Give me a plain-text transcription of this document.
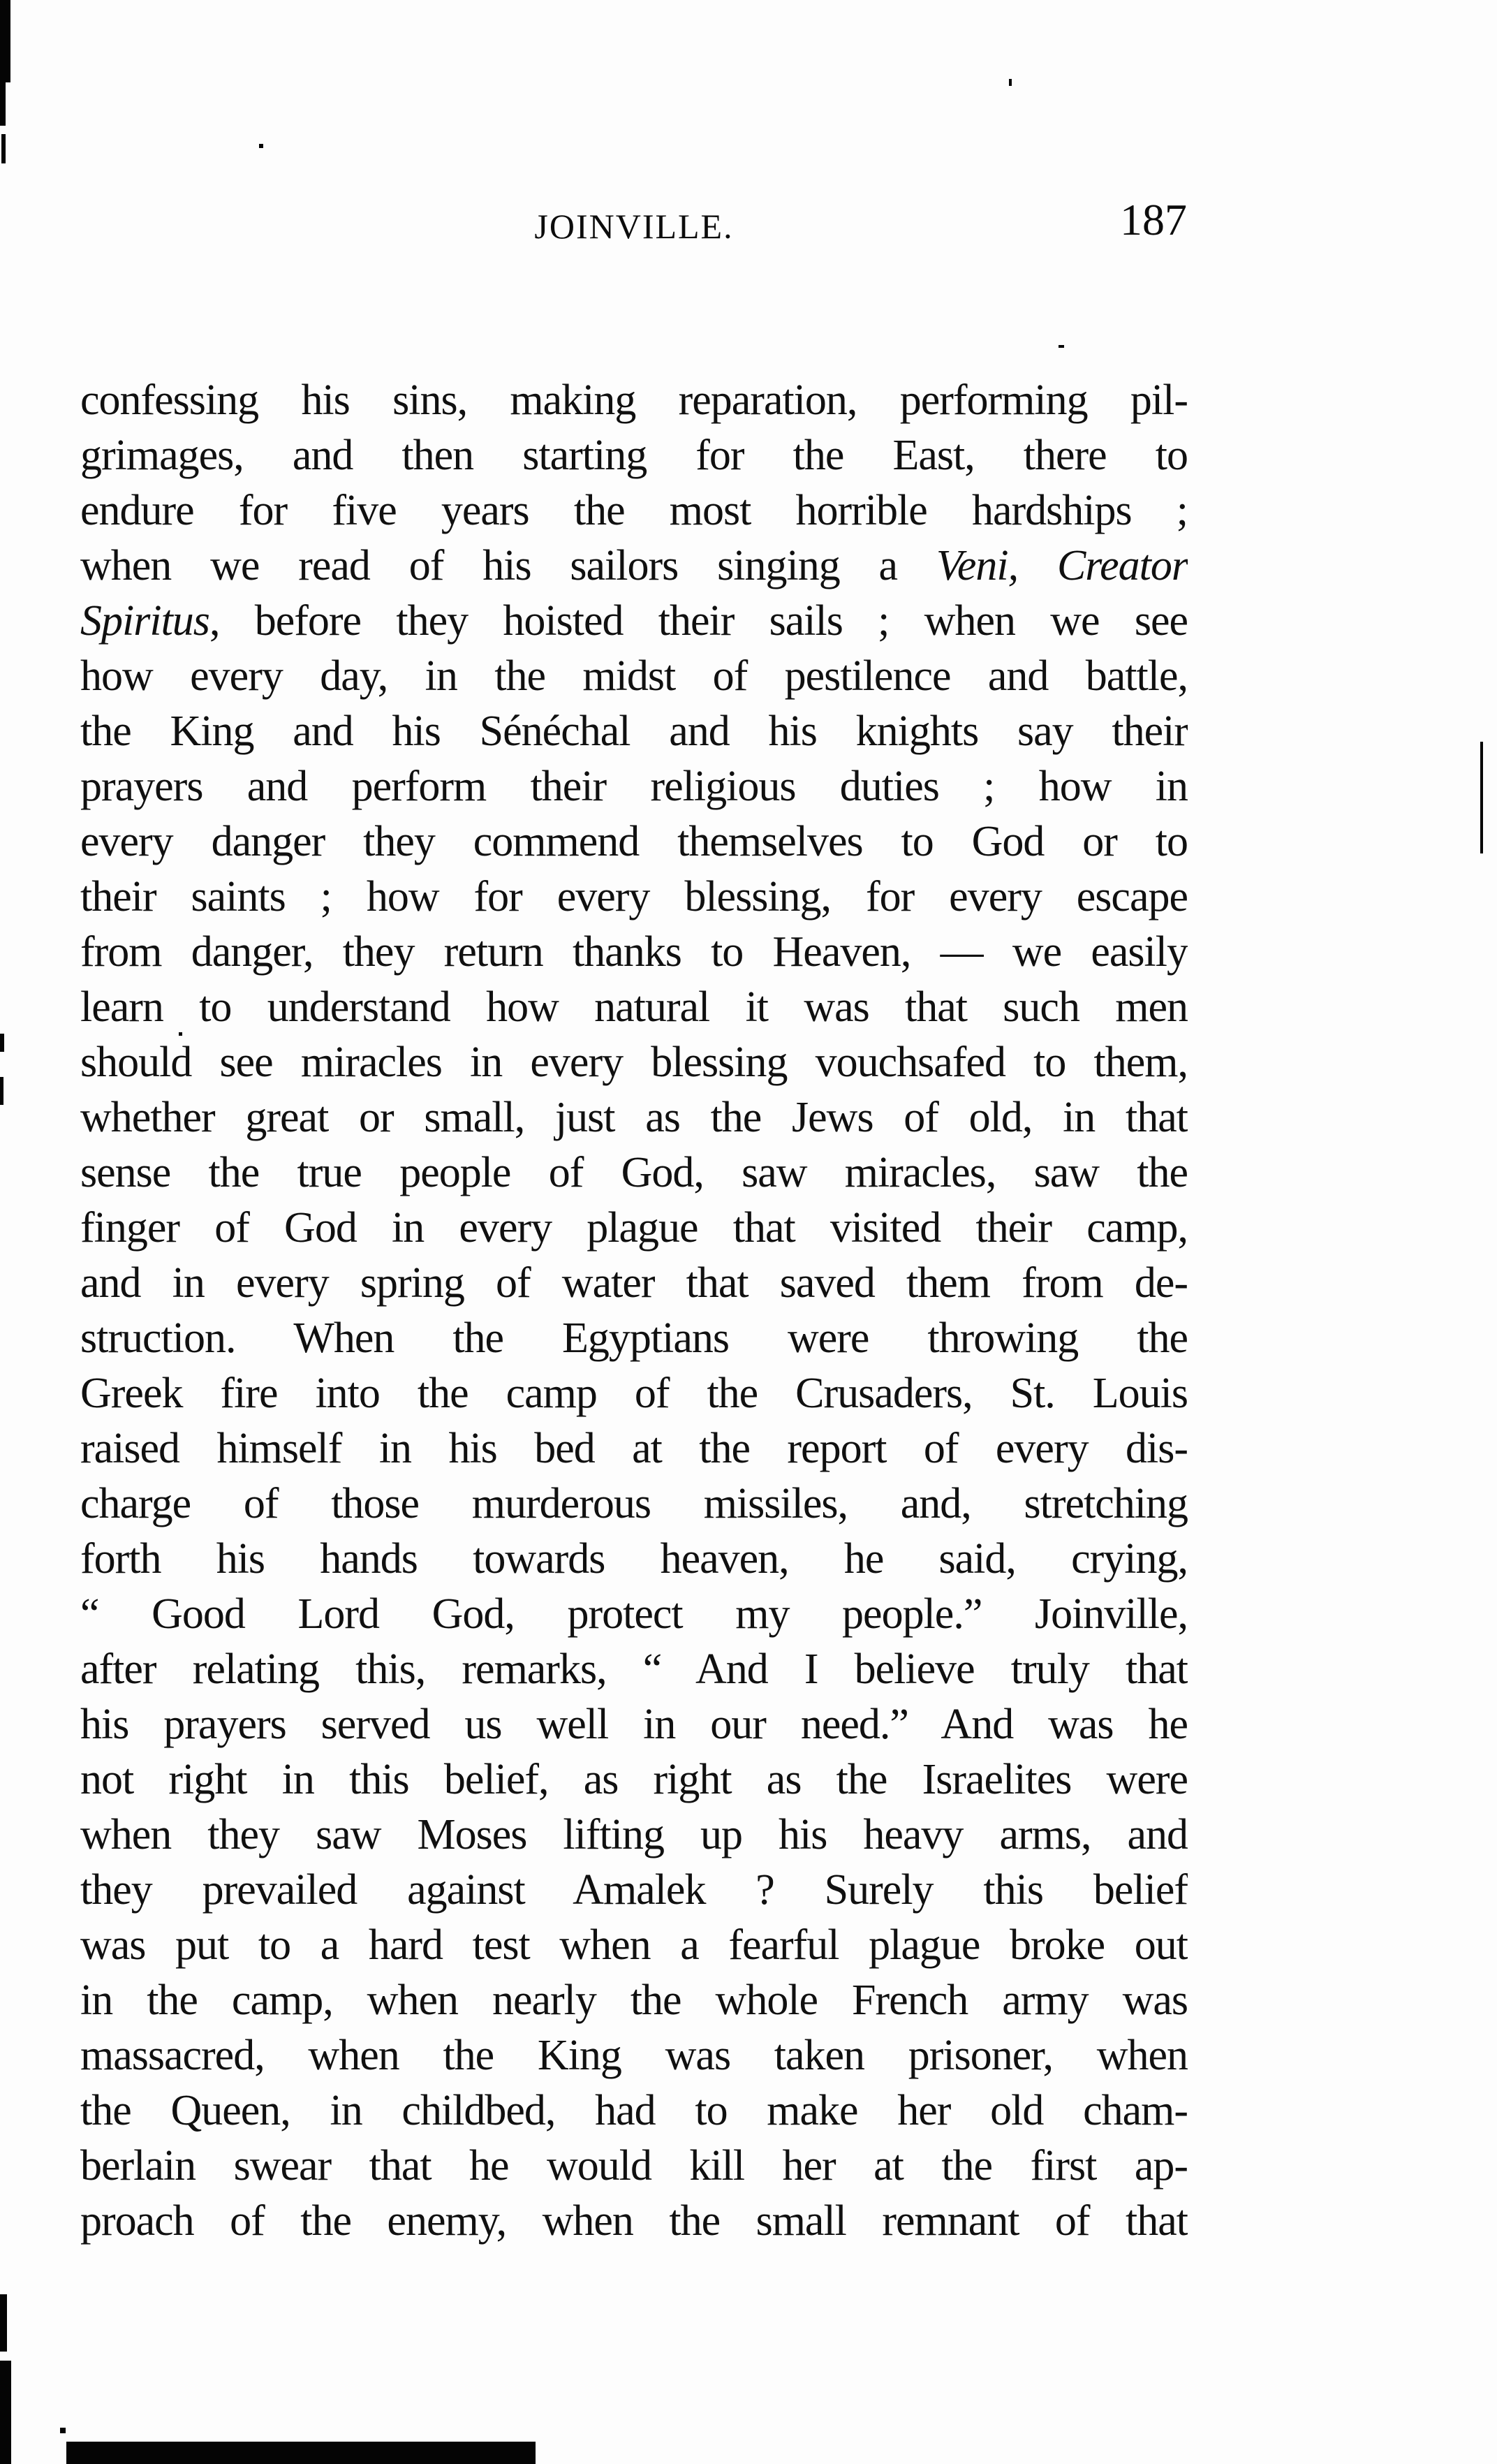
JOINVILLE.	187
confessing his sins, making reparation, performing pil-
grimages, and then starting for the East, there to
endure for five years the most horrible hardships ;
when we read of his sailors singing a Veni, Creator
Spiritus, before they hoisted their sails ; when we see
how every day, in the midst of pestilence and battle,
the King and his Sénéchal and his knights say their
prayers and perform their religious duties ; how in
every danger they commend themselves to God or to
their saints ; how for every blessing, for every escape
from danger, they return thanks to Heaven, — we easily
learn to understand how natural it was that such men
should see miracles in every blessing vouchsafed to them,
whether great or small, just as the Jews of old, in that
sense the true people of God, saw miracles, saw the
finger of God in every plague that visited their camp,
and in every spring of water that saved them from de-
struction. When the Egyptians were throwing the
Greek fire into the camp of the Crusaders, St. Louis
raised himself in his bed at the report of every dis-
charge of those murderous missiles, and, stretching
forth his hands towards heaven, he said, crying,
“ Good Lord God, protect my people.” Joinville,
after relating this, remarks, “ And I believe truly that
his prayers served us well in our need.” And was he
not right in this belief, as right as the Israelites were
when they saw Moses lifting up his heavy arms, and
they prevailed against Amalek ? Surely this belief
was put to a hard test when a fearful plague broke out
in the camp, when nearly the whole French army was
massacred, when the King was taken prisoner, when
the Queen, in childbed, had to make her old cham-
berlain swear that he would kill her at the first ap-
proach of the enemy, when the small remnant of that
